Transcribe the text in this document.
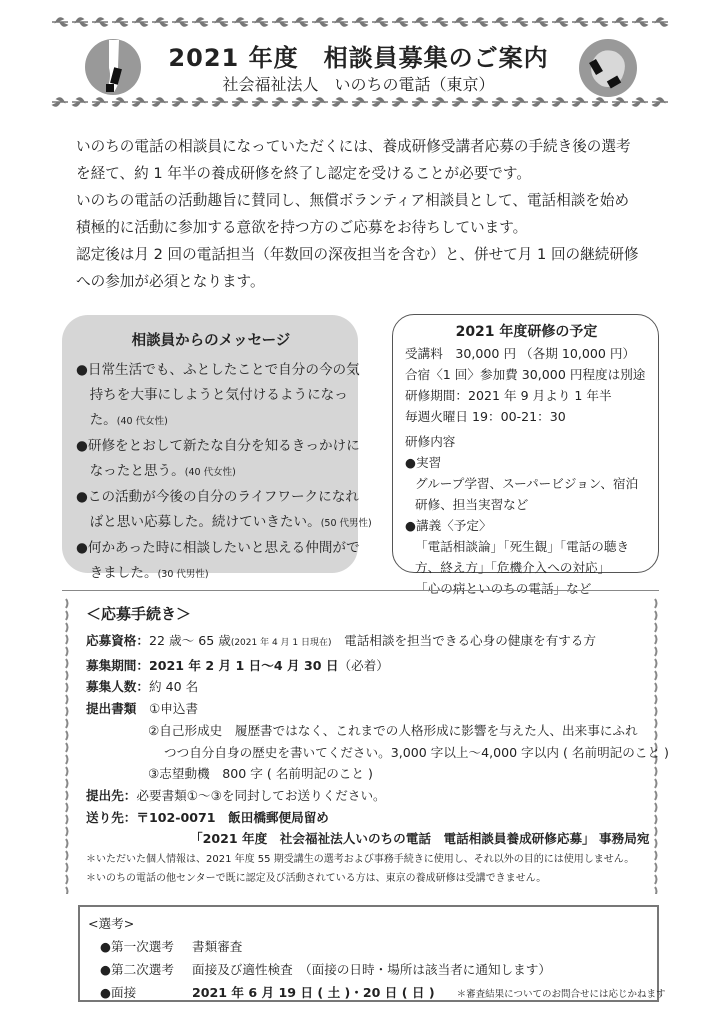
2021 年度　相談員募集のご案内
社会福祉法人　いのちの電話（東京）

いのちの電話の相談員になっていただくには、養成研修受講者応募の手続き後の選考

を経て、約 1 年半の養成研修を終了し認定を受けることが必要です。

いのちの電話の活動趣旨に賛同し、無償ボランティア相談員として、電話相談を始め

積極的に活動に参加する意欲を持つ方のご応募をお待ちしています。

認定後は月 2 回の電話担当（年数回の深夜担当を含む）と、併せて月 1 回の継続研修

への参加が必須となります。

相談員からのメッセージ

●日常生活でも、ふとしたことで自分の今の気

　持ちを大事にしようと気付けるようになっ

　た。(40 代女性)

●研修をとおして新たな自分を知るきっかけに

　なったと思う。(40 代女性)

●この活動が今後の自分のライフワークになれ

　ばと思い応募した。続けていきたい。(50 代男性)

●何かあった時に相談したいと思える仲間がで

　きました。(30 代男性)

2021 年度研修の予定

受講料　30,000 円 （各期 10,000 円）

合宿〈1 回〉参加費 30,000 円程度は別途

研修期間：2021 年 9 月より 1 年半

毎週火曜日 19：00-21：30

研修内容

●実習

グループ学習、スーパービジョン、宿泊

研修、担当実習など

●講義〈予定〉

「電話相談論」「死生観」「電話の聴き

方、終え方」「危機介入への対応」

「心の病といのちの電話」など

＜応募手続き＞

応募資格：22 歳～ 65 歳(2021 年 4 月 1 日現在)　電話相談を担当できる心身の健康を有する方

募集期間：2021 年 2 月 1 日～4 月 30 日（必着）

募集人数：約 40 名

提出書類　 ①申込書

②自己形成史　履歴書ではなく、これまでの人格形成に影響を与えた人、出来事にふれ

つつ自分自身の歴史を書いてください。3,000 字以上～4,000 字以内 ( 名前明記のこと )

③志望動機　800 字 ( 名前明記のこと )

提出先：必要書類①～③を同封してお送りください。

送り先：〒102-0071　飯田橋郵便局留め

「2021 年度　社会福祉法人いのちの電話　電話相談員養成研修応募」 事務局宛

＊いただいた個人情報は、2021 年度 55 期受講生の選考および事務手続きに使用し、それ以外の目的には使用しません。

＊いのちの電話の他センターで既に認定及び活動されている方は、東京の養成研修は受講できません。

<選考>

●第一次選考 書類審査

●第二次選考 面接及び適性検査　（面接の日時・場所は該当者に通知します）

●面接	2021 年 6 月 19 日 ( 土 )・20 日 ( 日 ) ＊審査結果についてのお問合せには応じかねます
